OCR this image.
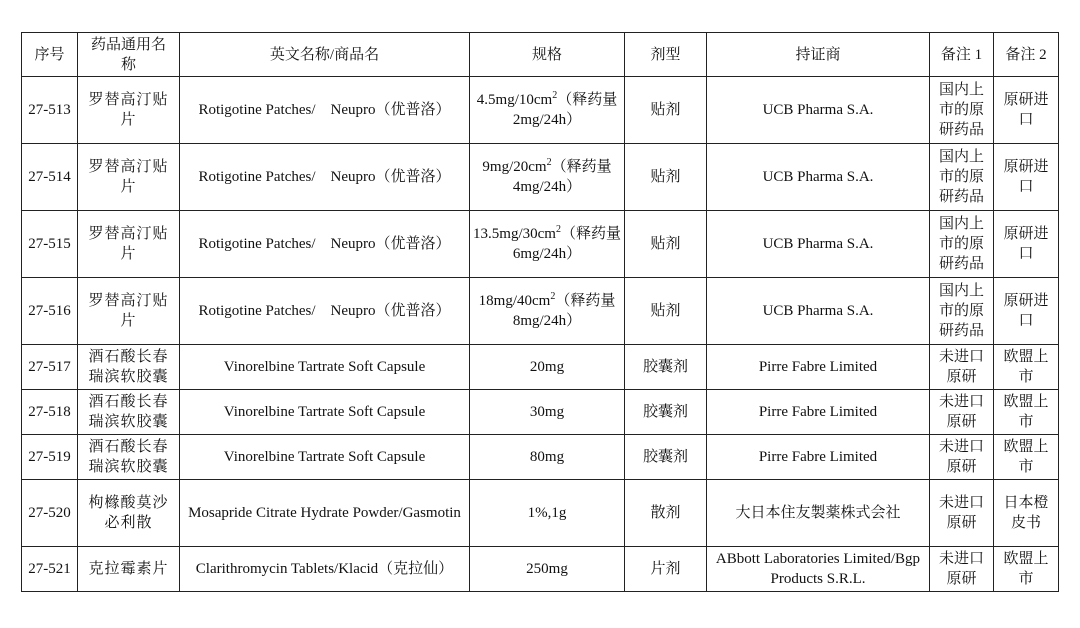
序号	药品通用名称	英文名称/商品名	规格	剂型	持证商	备注 1	备注 2
27-513	罗替高汀贴片	Rotigotine Patches/    Neupro（优普洛）	$4.5mg/10cm^2$（释药量 2mg/24h）	贴剂	UCB Pharma S.A.	国内上市的原研药品	原研进口
27-514	罗替高汀贴片	Rotigotine Patches/    Neupro（优普洛）	$9mg/20cm^2$（释药量 4mg/24h）	贴剂	UCB Pharma S.A.	国内上市的原研药品	原研进口
27-515	罗替高汀贴片	Rotigotine Patches/    Neupro（优普洛）	$13.5mg/30cm^2$（释药量 6mg/24h）	贴剂	UCB Pharma S.A.	国内上市的原研药品	原研进口
27-516	罗替高汀贴片	Rotigotine Patches/    Neupro（优普洛）	$18mg/40cm^2$（释药量 8mg/24h）	贴剂	UCB Pharma S.A.	国内上市的原研药品	原研进口
27-517	酒石酸长春瑞滨软胶囊	Vinorelbine Tartrate Soft Capsule	20mg	胶囊剂	Pirre Fabre Limited	未进口原研	欧盟上市
27-518	酒石酸长春瑞滨软胶囊	Vinorelbine Tartrate Soft Capsule	30mg	胶囊剂	Pirre Fabre Limited	未进口原研	欧盟上市
27-519	酒石酸长春瑞滨软胶囊	Vinorelbine Tartrate Soft Capsule	80mg	胶囊剂	Pirre Fabre Limited	未进口原研	欧盟上市
27-520	枸橼酸莫沙必利散	Mosapride Citrate Hydrate Powder/Gasmotin	1%,1g	散剂	大日本住友製薬株式会社	未进口原研	日本橙皮书
27-521	克拉霉素片	Clarithromycin Tablets/Klacid（克拉仙）	250mg	片剂	ABbott Laboratories Limited/Bgp Products S.R.L.	未进口原研	欧盟上市
